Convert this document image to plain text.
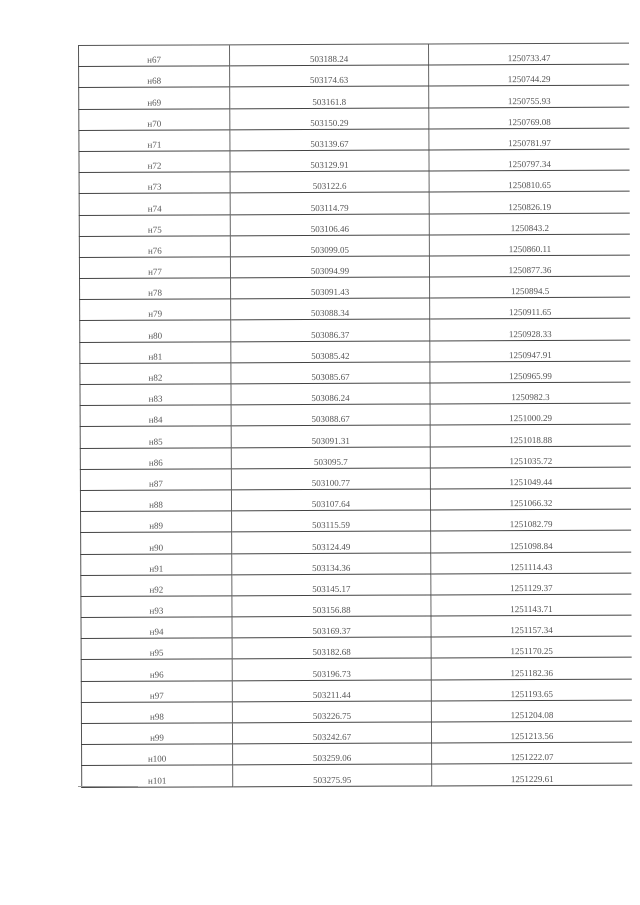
н67	503188.24	1250733.47
н68	503174.63	1250744.29
н69	503161.8	1250755.93
н70	503150.29	1250769.08
н71	503139.67	1250781.97
н72	503129.91	1250797.34
н73	503122.6	1250810.65
н74	503114.79	1250826.19
н75	503106.46	1250843.2
н76	503099.05	1250860.11
н77	503094.99	1250877.36
н78	503091.43	1250894.5
н79	503088.34	1250911.65
н80	503086.37	1250928.33
н81	503085.42	1250947.91
н82	503085.67	1250965.99
н83	503086.24	1250982.3
н84	503088.67	1251000.29
н85	503091.31	1251018.88
н86	503095.7	1251035.72
н87	503100.77	1251049.44
н88	503107.64	1251066.32
н89	503115.59	1251082.79
н90	503124.49	1251098.84
н91	503134.36	1251114.43
н92	503145.17	1251129.37
н93	503156.88	1251143.71
н94	503169.37	1251157.34
н95	503182.68	1251170.25
н96	503196.73	1251182.36
н97	503211.44	1251193.65
н98	503226.75	1251204.08
н99	503242.67	1251213.56
н100	503259.06	1251222.07
н101	503275.95	1251229.61
